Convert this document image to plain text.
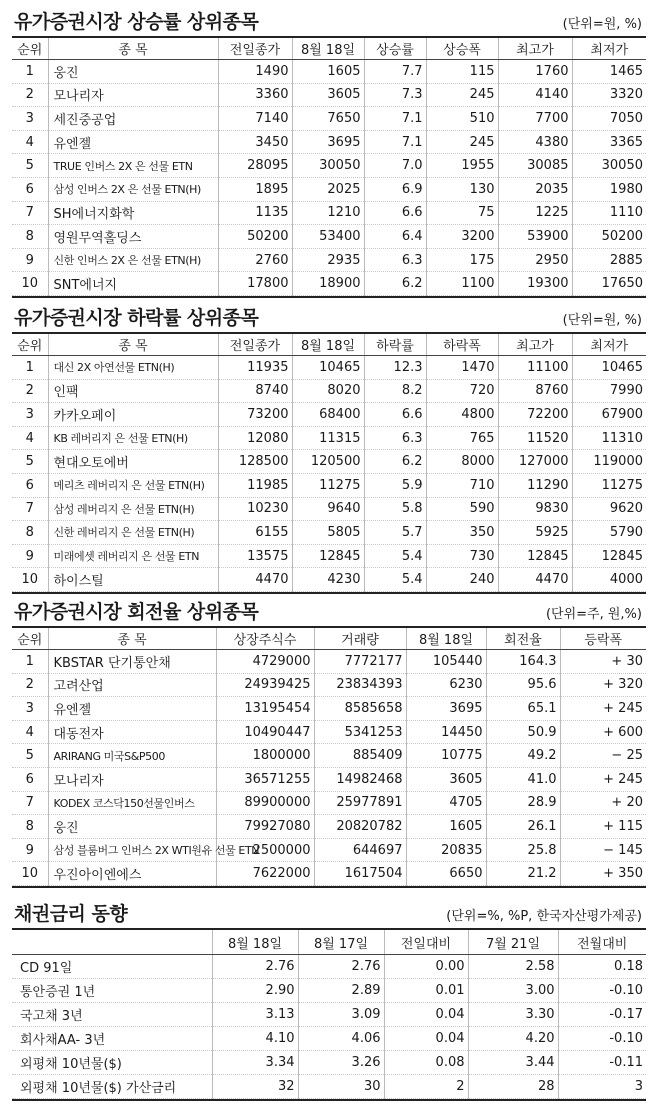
유가증권시장 상승률 상위종목	(단위=원, %)
순위	종 목	전일종가	8월 18일	상승률	상승폭	최고가	최저가
1	웅진	1490	1605	7.7	115	1760	1465
2	모나리자	3360	3605	7.3	245	4140	3320
3	세진중공업	7140	7650	7.1	510	7700	7050
4	유엔젤	3450	3695	7.1	245	4380	3365
5	TRUE 인버스 2X 은 선물 ETN	28095	30050	7.0	1955	30085	30050
6	삼성 인버스 2X 은 선물 ETN(H)	1895	2025	6.9	130	2035	1980
7	SH에너지화학	1135	1210	6.6	75	1225	1110
8	영원무역홀딩스	50200	53400	6.4	3200	53900	50200
9	신한 인버스 2X 은 선물 ETN(H)	2760	2935	6.3	175	2950	2885
10	SNT에너지	17800	18900	6.2	1100	19300	17650
유가증권시장 하락률 상위종목	(단위=원, %)
순위	종 목	전일종가	8월 18일	하락률	하락폭	최고가	최저가
1	대신 2X 아연선물 ETN(H)	11935	10465	12.3	1470	11100	10465
2	인팩	8740	8020	8.2	720	8760	7990
3	카카오페이	73200	68400	6.6	4800	72200	67900
4	KB 레버리지 은 선물 ETN(H)	12080	11315	6.3	765	11520	11310
5	현대오토에버	128500	120500	6.2	8000	127000	119000
6	메리츠 레버리지 은 선물 ETN(H)	11985	11275	5.9	710	11290	11275
7	삼성 레버리지 은 선물 ETN(H)	10230	9640	5.8	590	9830	9620
8	신한 레버리지 은 선물 ETN(H)	6155	5805	5.7	350	5925	5790
9	미래에셋 레버리지 은 선물 ETN	13575	12845	5.4	730	12845	12845
10	하이스틸	4470	4230	5.4	240	4470	4000
유가증권시장 회전율 상위종목	(단위=주, 원,%)
순위	종 목	상장주식수	거래량	8월 18일	회전율	등락폭
1	KBSTAR 단기통안채	4729000	7772177	105440	164.3	+ 30
2	고려산업	24939425	23834393	6230	95.6	+ 320
3	유엔젤	13195454	8585658	3695	65.1	+ 245
4	대동전자	10490447	5341253	14450	50.9	+ 600
5	ARIRANG 미국S&P500	1800000	885409	10775	49.2	− 25
6	모나리자	36571255	14982468	3605	41.0	+ 245
7	KODEX 코스닥150선물인버스	89900000	25977891	4705	28.9	+ 20
8	웅진	79927080	20820782	1605	26.1	+ 115
9	삼성 블룸버그 인버스 2X WTI원유 선물 ETN	2500000	644697	20835	25.8	− 145
10	우진아이엔에스	7622000	1617504	6650	21.2	+ 350
채권금리 동향	(단위=%, %P, 한국자산평가제공)
	8월 18일	8월 17일	전일대비	7월 21일	전월대비
CD 91일	2.76	2.76	0.00	2.58	0.18
통안증권 1년	2.90	2.89	0.01	3.00	-0.10
국고채 3년	3.13	3.09	0.04	3.30	-0.17
회사채AA- 3년	4.10	4.06	0.04	4.20	-0.10
외평채 10년물($)	3.34	3.26	0.08	3.44	-0.11
외평채 10년물($) 가산금리	32	30	2	28	3
